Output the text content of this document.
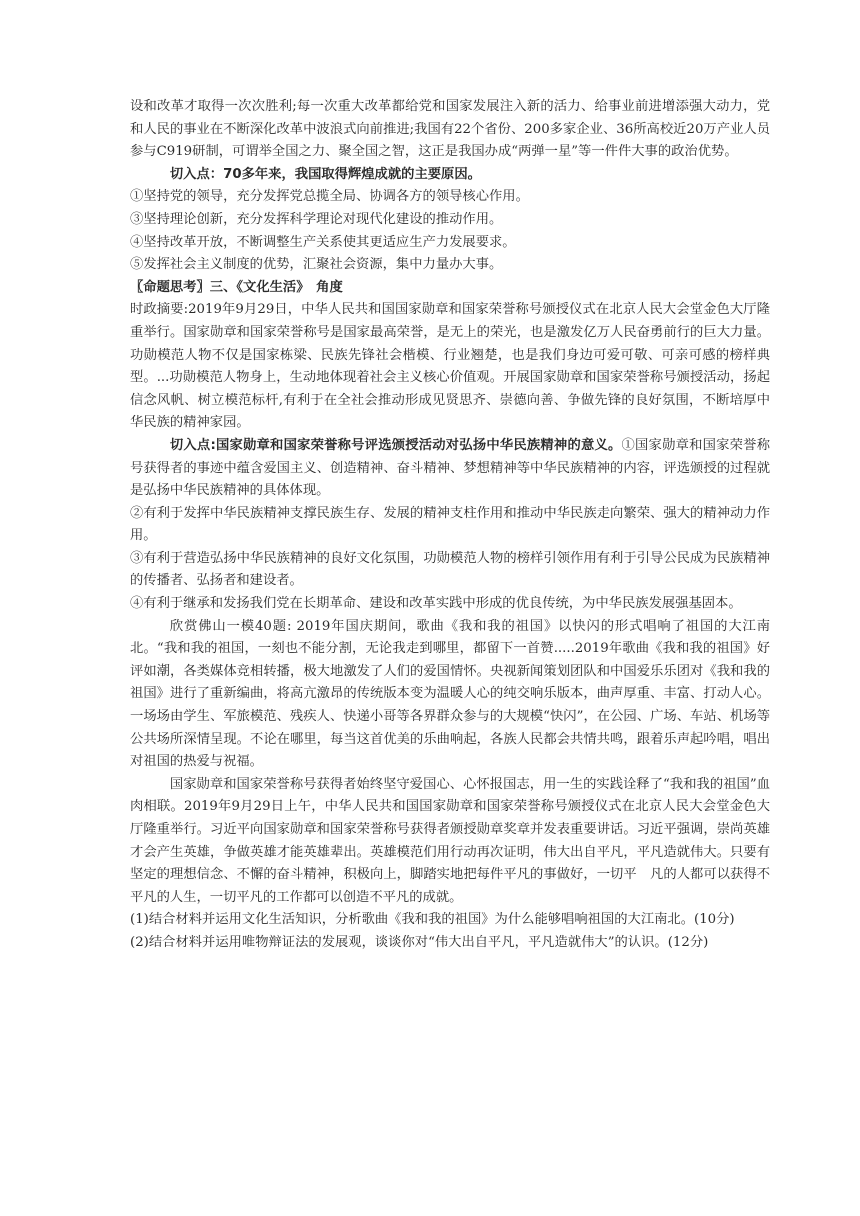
设和改革才取得一次次胜利;每一次重大改革都给党和国家发展注入新的活力、给事业前进增添强大动力，党和人民的事业在不断深化改革中波浪式向前推进;我国有22个省份、200多家企业、36所高校近20万产业人员参与C919研制，可谓举全国之力、聚全国之智，这正是我国办成“两弹一星”等一件件大事的政治优势。

切入点：70多年来，我国取得辉煌成就的主要原因。

①坚持党的领导，充分发挥党总揽全局、协调各方的领导核心作用。

③坚持理论创新，充分发挥科学理论对现代化建设的推动作用。

④坚持改革开放，不断调整生产关系使其更适应生产力发展要求。

⑤发挥社会主义制度的优势，汇聚社会资源，集中力量办大事。

〖命题思考〗三、《文化生活》　角度

时政摘要:2019年9月29日，中华人民共和国国家勋章和国家荣誉称号颁授仪式在北京人民大会堂金色大厅隆重举行。国家勋章和国家荣誉称号是国家最高荣誉，是无上的荣光，也是激发亿万人民奋勇前行的巨大力量。功勋模范人物不仅是国家栋梁、民族先锋社会楷模、行业翘楚，也是我们身边可爱可敬、可亲可感的榜样典型。...功勋模范人物身上，生动地体现着社会主义核心价值观。开展国家勋章和国家荣誉称号颁授活动，扬起信念风帆、树立模范标杆,有利于在全社会推动形成见贤思齐、崇德向善、争做先锋的良好氛围，不断培厚中华民族的精神家园。

切入点:国家勋章和国家荣誉称号评选颁授活动对弘扬中华民族精神的意义。①国家勋章和国家荣誉称号获得者的事迹中蕴含爱国主义、创造精神、奋斗精神、梦想精神等中华民族精神的内容，评选颁授的过程就是弘扬中华民族精神的具体体现。

②有利于发挥中华民族精神支撑民族生存、发展的精神支柱作用和推动中华民族走向繁荣、强大的精神动力作用。

③有利于营造弘扬中华民族精神的良好文化氛围，功勋模范人物的榜样引领作用有利于引导公民成为民族精神的传播者、弘扬者和建设者。

④有利于继承和发扬我们党在长期革命、建设和改革实践中形成的优良传统，为中华民族发展强基固本。

欣赏佛山一模40题: 2019年国庆期间，歌曲《我和我的祖国》以快闪的形式唱响了祖国的大江南北。“我和我的祖国，一刻也不能分割，无论我走到哪里，都留下一首赞.....2019年歌曲《我和我的祖国》好评如潮，各类媒体竞相转播，极大地激发了人们的爱国情怀。央视新闻策划团队和中国爱乐乐团对《我和我的祖国》进行了重新编曲，将高亢激昂的传统版本变为温暖人心的纯交响乐版本，曲声厚重、丰富、打动人心。一场场由学生、军旅模范、残疾人、快递小哥等各界群众参与的大规模“快闪”，在公园、广场、车站、机场等公共场所深情呈现。不论在哪里，每当这首优美的乐曲响起，各族人民都会共情共鸣，跟着乐声起吟唱，唱出对祖国的热爱与祝福。

国家勋章和国家荣誉称号获得者始终坚守爱国心、心怀报国志，用一生的实践诠释了“我和我的祖国”血肉相联。2019年9月29日上午，中华人民共和国国家勋章和国家荣誉称号颁授仪式在北京人民大会堂金色大厅隆重举行。习近平向国家勋章和国家荣誉称号获得者颁授勋章奖章并发表重要讲话。习近平强调，崇尚英雄才会产生英雄，争做英雄才能英雄辈出。英雄模范们用行动再次证明，伟大出自平凡，平凡造就伟大。只要有坚定的理想信念、不懈的奋斗精神，积极向上，脚踏实地把每件平凡的事做好，一切平　凡的人都可以获得不平凡的人生，一切平凡的工作都可以创造不平凡的成就。

(1)结合材料并运用文化生活知识，分析歌曲《我和我的祖国》为什么能够唱响祖国的大江南北。(10分)

(2)结合材料并运用唯物辩证法的发展观，谈谈你对“伟大出自平凡，平凡造就伟大”的认识。(12分)
